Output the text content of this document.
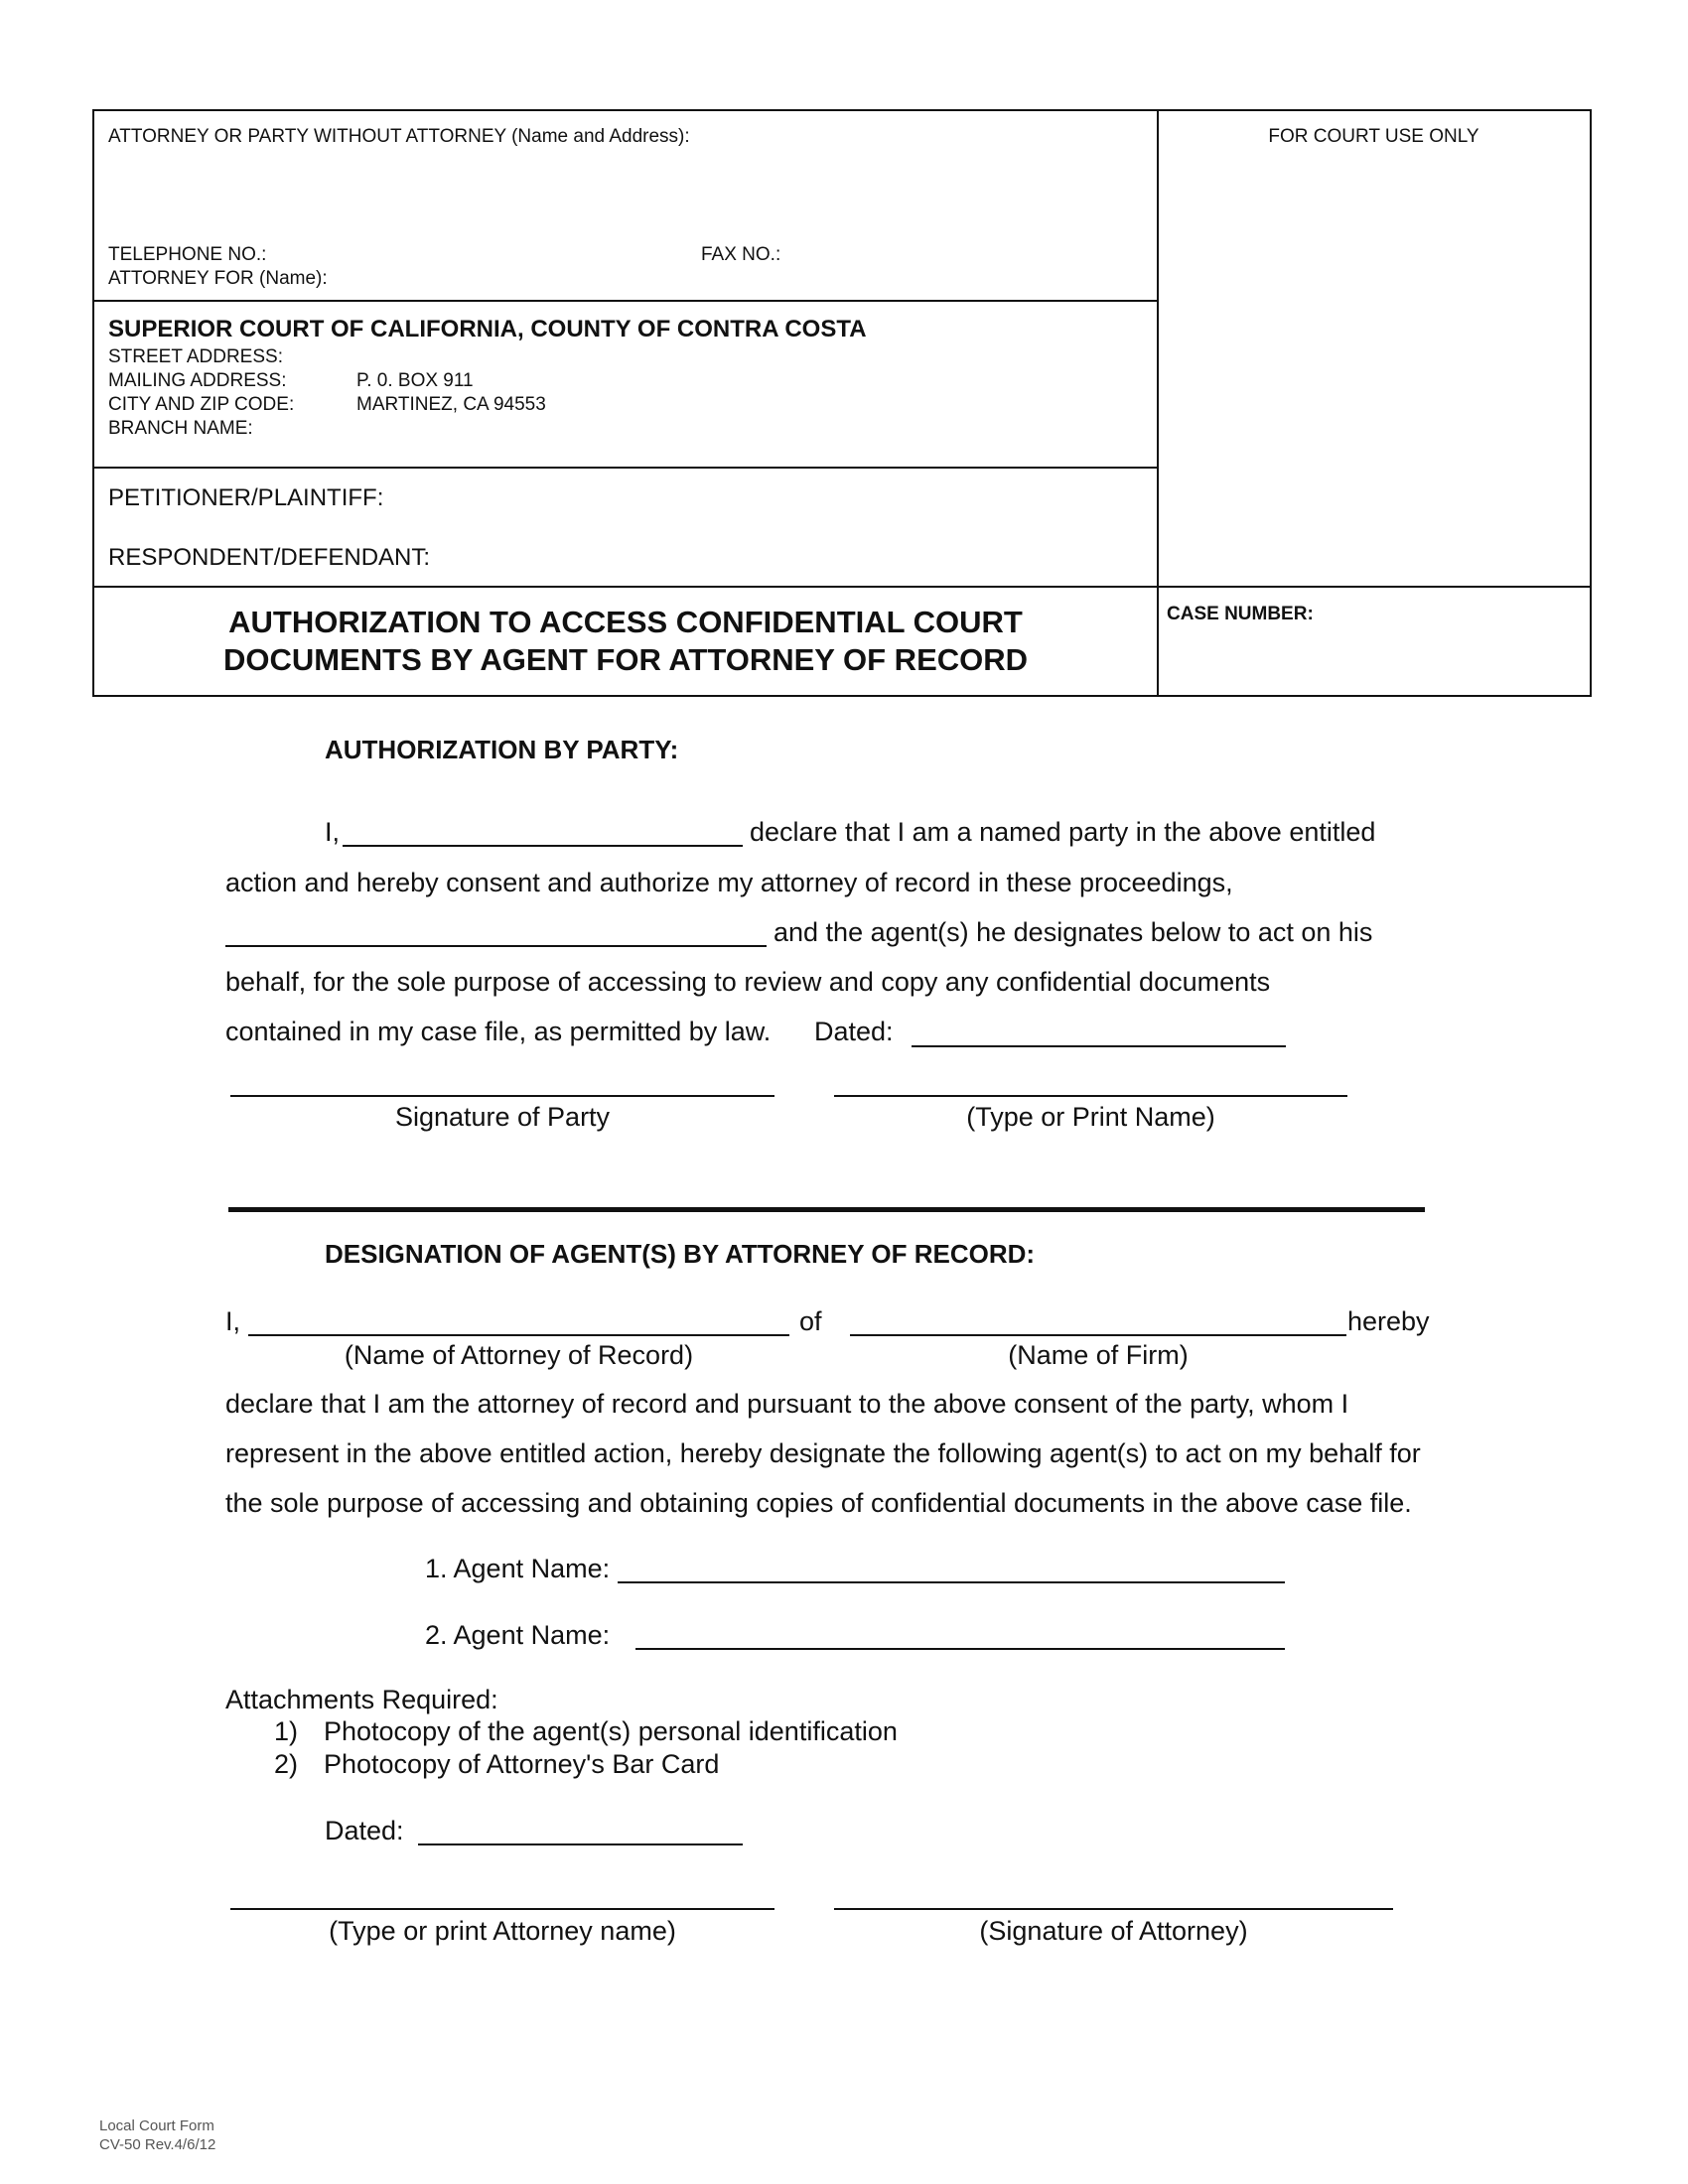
ATTORNEY OR PARTY WITHOUT ATTORNEY (Name and Address):
TELEPHONE NO.:	FAX NO.:
ATTORNEY FOR (Name):
FOR COURT USE ONLY
SUPERIOR COURT OF CALIFORNIA, COUNTY OF CONTRA COSTA
STREET ADDRESS:
MAILING ADDRESS:	P. 0. BOX 911
CITY AND ZIP CODE:	MARTINEZ, CA 94553
BRANCH NAME:
PETITIONER/PLAINTIFF:
RESPONDENT/DEFENDANT:
AUTHORIZATION TO ACCESS CONFIDENTIAL COURT
DOCUMENTS BY AGENT FOR ATTORNEY OF RECORD
CASE NUMBER:
AUTHORIZATION BY PARTY:
I,	declare that I am a named party in the above entitled
action and hereby consent and authorize my attorney of record in these proceedings,
and the agent(s) he designates below to act on his
behalf, for the sole purpose of accessing to review and copy any confidential documents
contained in my case file, as permitted by law. Dated:
Signature of Party	(Type or Print Name)
DESIGNATION OF AGENT(S) BY ATTORNEY OF RECORD:
I,	of	hereby
(Name of Attorney of Record)	(Name of Firm)
declare that I am the attorney of record and pursuant to the above consent of the party, whom I
represent in the above entitled action, hereby designate the following agent(s) to act on my behalf for
the sole purpose of accessing and obtaining copies of confidential documents in the above case file.
1. Agent Name:
2. Agent Name:
Attachments Required:
1) Photocopy of the agent(s) personal identification
2) Photocopy of Attorney's Bar Card
Dated:
(Type or print Attorney name)	(Signature of Attorney)
Local Court Form
CV-50 Rev.4/6/12
